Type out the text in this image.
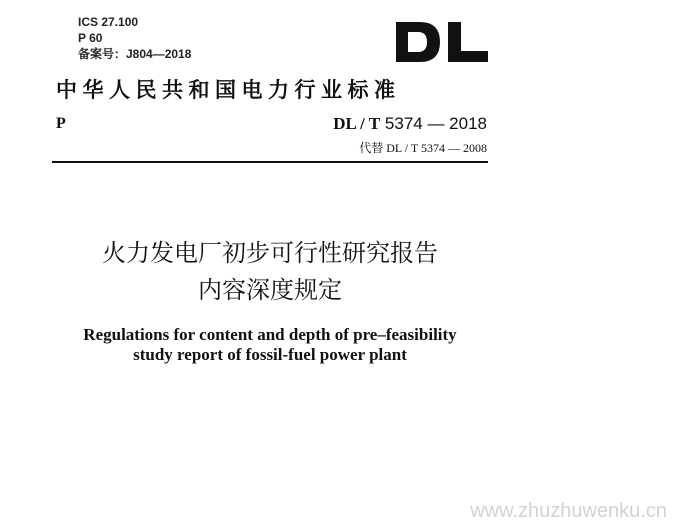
ICS 27.100
P 60
备案号：J804—2018
中华人民共和国电力行业标准
P	DL / T 5374 — 2018
代替 DL / T 5374 — 2008
火力发电厂初步可行性研究报告
内容深度规定
Regulations for content and depth of pre–feasibility
study report of fossil-fuel power plant
www.zhuzhuwenku.cn
